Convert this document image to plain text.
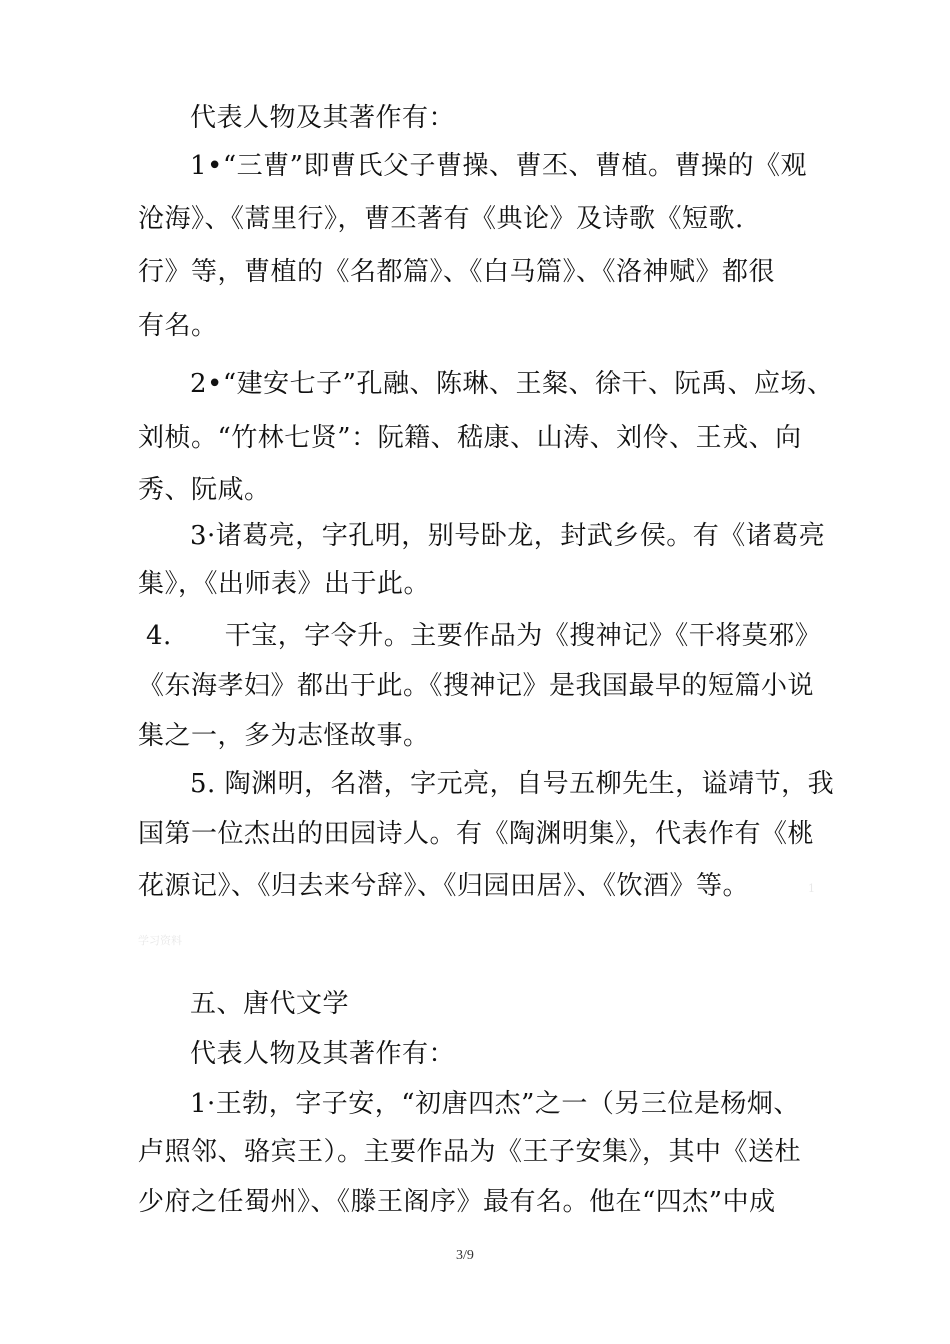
代表人物及其著作有：
1•“三曹”即曹氏父子曹操、曹丕、曹植。曹操的《观
沧海》、《蒿里行》，曹丕著有《典论》及诗歌《短歌.
行》等，曹植的《名都篇》、《白马篇》、《洛神赋》都很
有名。
2•“建安七子”孔融、陈琳、王粲、徐干、阮禹、应场、
刘桢。“竹林七贤”：阮籍、嵇康、山涛、刘伶、王戎、向
秀、阮咸。
3·诸葛亮，字孔明，别号卧龙，封武乡侯。有《诸葛亮
集》，《出师表》出于此。
4.　　干宝，字令升。主要作品为《搜神记》《干将莫邪》
《东海孝妇》都出于此。《搜神记》是我国最早的短篇小说
集之一，多为志怪故事。
5. 陶渊明，名潜，字元亮，自号五柳先生，谥靖节，我
国第一位杰出的田园诗人。有《陶渊明集》，代表作有《桃
花源记》、《归去来兮辞》、《归园田居》、《饮酒》等。	1
学习资料
五、唐代文学
代表人物及其著作有：
1·王勃，字子安，“初唐四杰”之一（另三位是杨炯、
卢照邻、骆宾王）。主要作品为《王子安集》，其中《送杜
少府之任蜀州》、《滕王阁序》最有名。他在“四杰”中成
3/9
